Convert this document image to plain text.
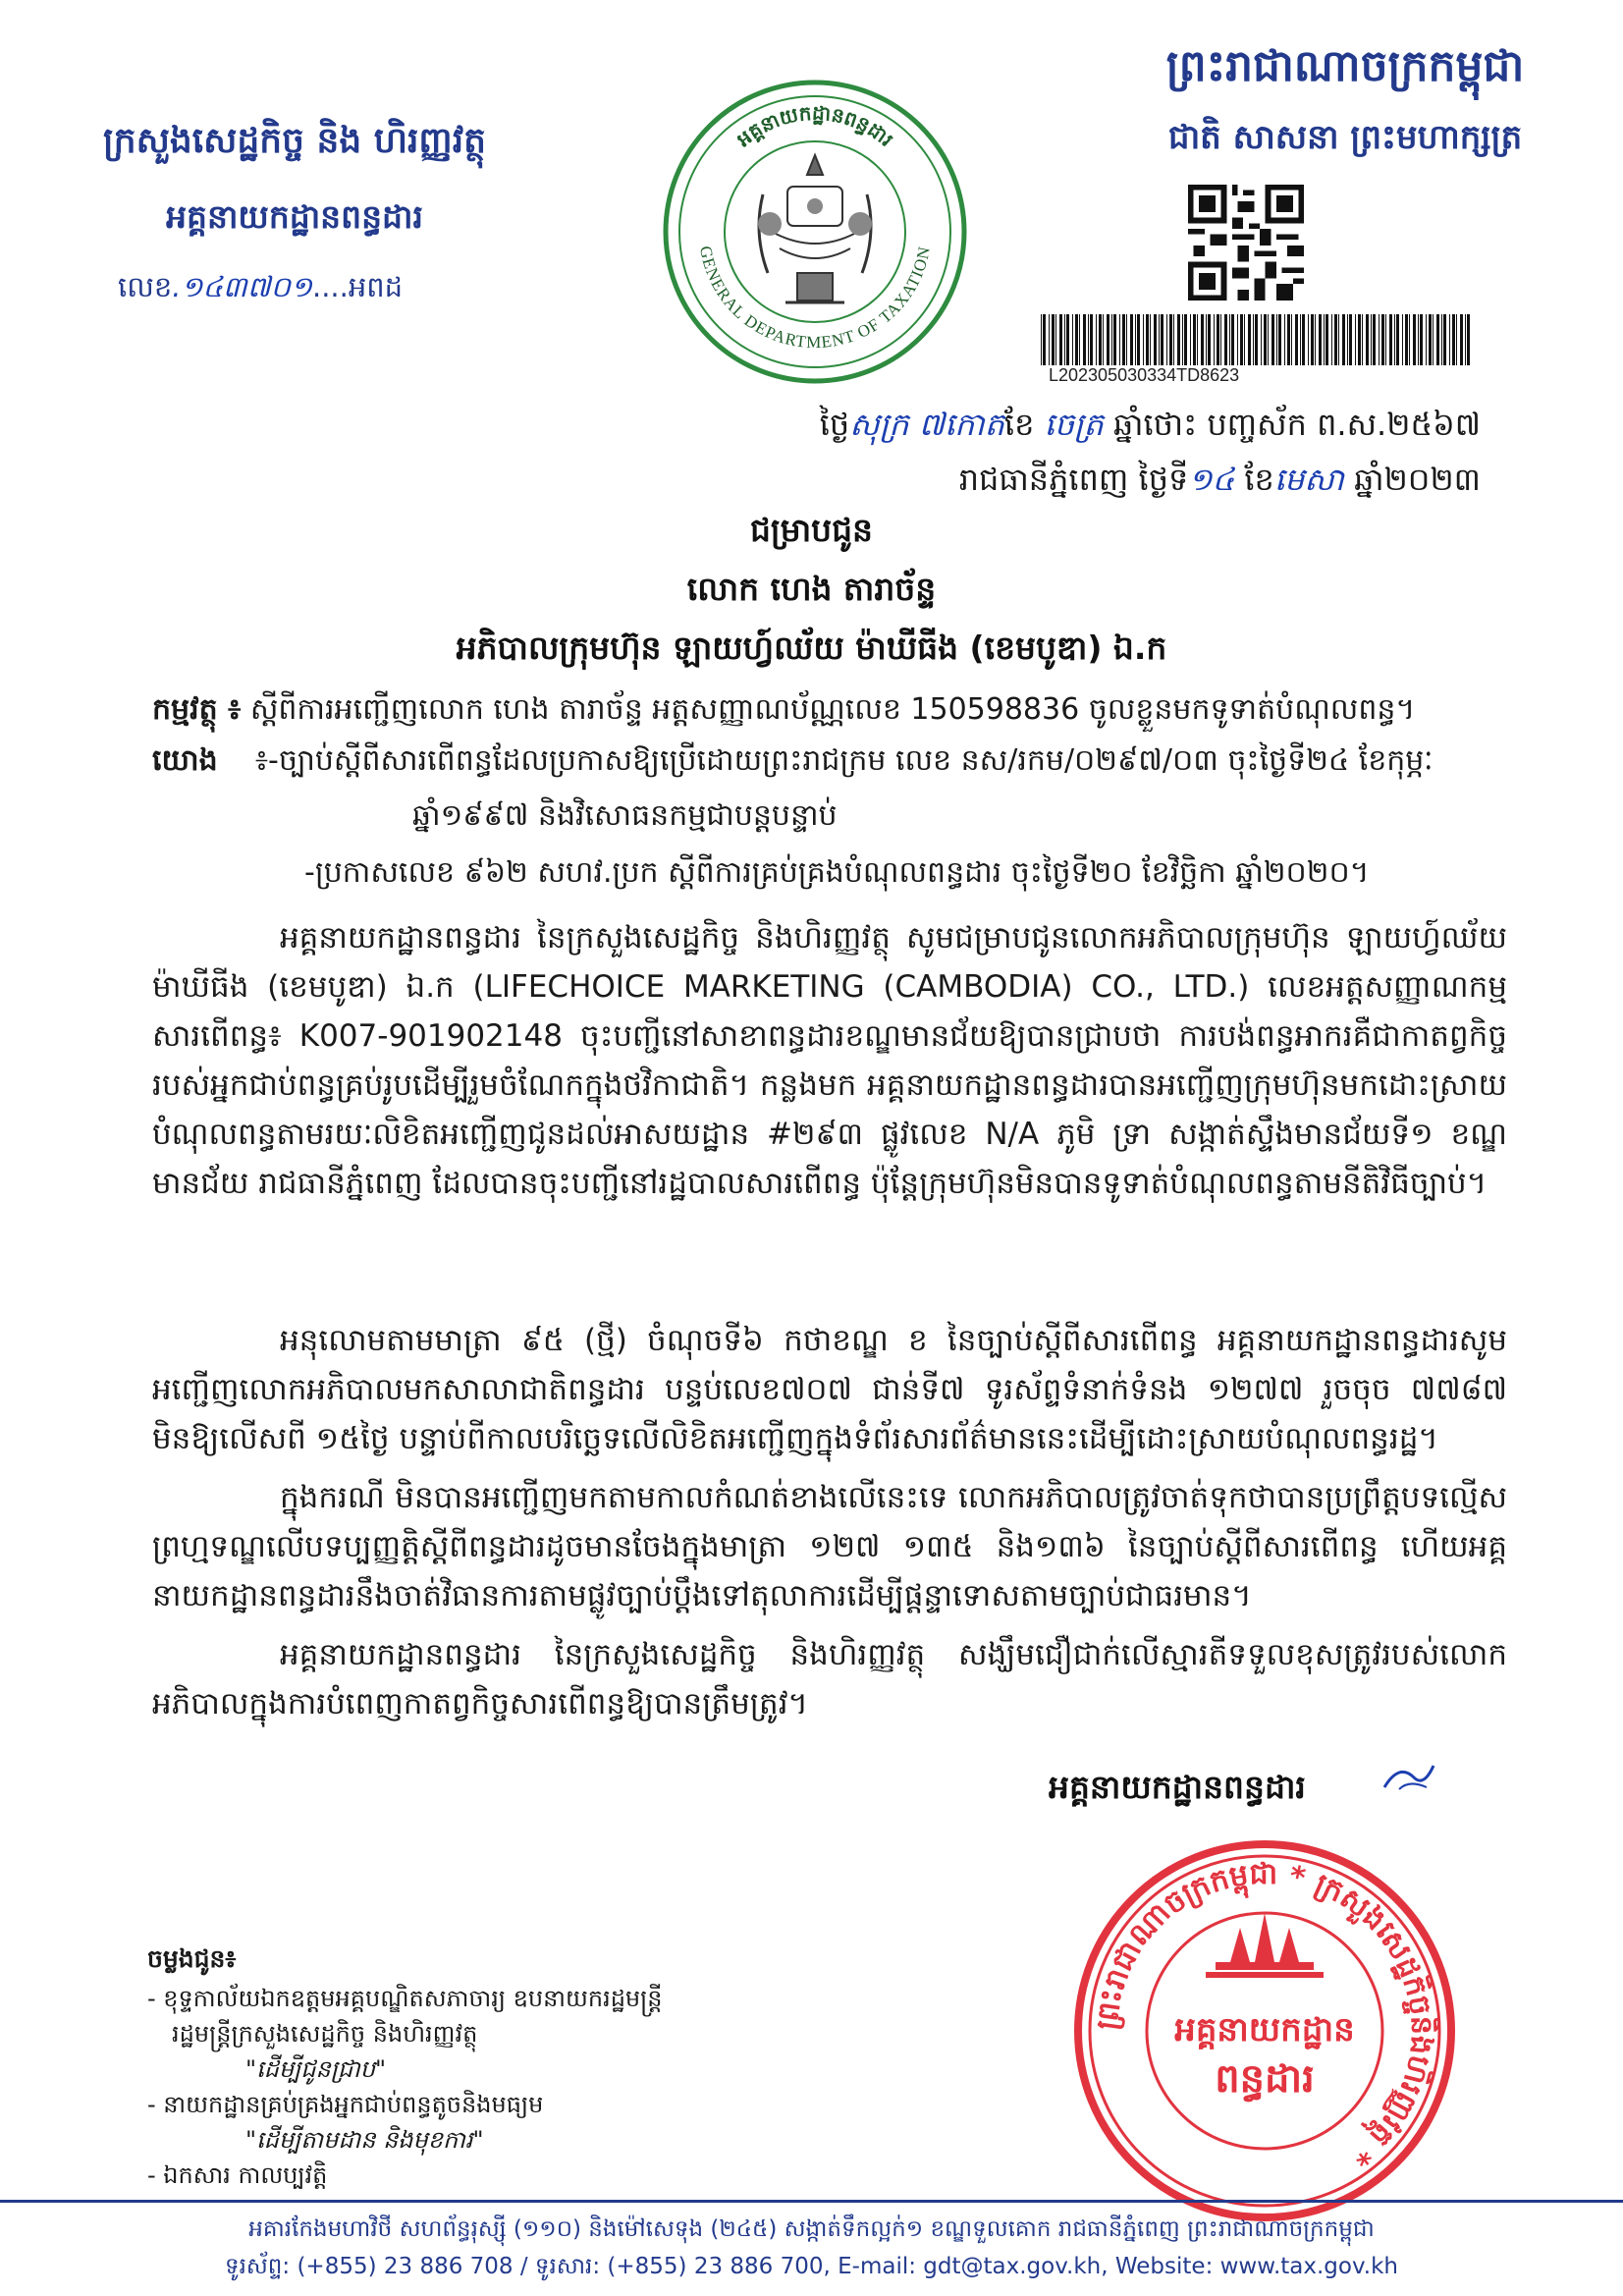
ក្រសួងសេដ្ឋកិច្ច និង ហិរញ្ញវត្ថុ
អគ្គនាយកដ្ឋានពន្ធដារ
លេខ.១៤៣៧០១....អពដ
GENERAL DEPARTMENT OF TAXATION
អគ្គនាយកដ្ឋានពន្ធដារ
ព្រះរាជាណាចក្រកម្ពុជា
ជាតិ សាសនា ព្រះមហាក្សត្រ
L202305030334TD8623
ថ្ងៃសុក្រ ៧កោតខែ ចេត្រ ឆ្នាំថោះ បញ្ចស័ក ព.ស.២៥៦៧
រាជធានីភ្នំពេញ ថ្ងៃទី១៤ ខែមេសា ឆ្នាំ២០២៣
ជម្រាបជូន
លោក ហេង តារាច័ន្ទ
អភិបាលក្រុមហ៊ុន ឡាយហ្វ៍ឈ័យ ម៉ាឃីធីង (ខេមបូឌា) ឯ.ក
កម្មវត្ថុ ៖ ស្តីពីការអញ្ជើញលោក ហេង តារាច័ន្ទ អត្តសញ្ញាណប័ណ្ណលេខ 150598836 ចូលខ្លួនមកទូទាត់បំណុលពន្ធ។
យោង ៖-ច្បាប់ស្តីពីសារពើពន្ធដែលប្រកាសឱ្យប្រើដោយព្រះរាជក្រម លេខ នស/រកម/០២៩៧/០៣ ចុះថ្ងៃទី២៤ ខែកុម្ភៈ
ឆ្នាំ១៩៩៧ និងវិសោធនកម្មជាបន្តបន្ទាប់
-ប្រកាសលេខ ៩៦២ សហវ.ប្រក ស្តីពីការគ្រប់គ្រងបំណុលពន្ធដារ ចុះថ្ងៃទី២០ ខែវិច្ឆិកា ឆ្នាំ២០២០។
អគ្គនាយកដ្ឋានពន្ធដារ នៃក្រសួងសេដ្ឋកិច្ច និងហិរញ្ញវត្ថុ សូមជម្រាបជូនលោកអភិបាលក្រុមហ៊ុន ឡាយហ្វ៍ឈ័យ ម៉ាឃីធីង (ខេមបូឌា) ឯ.ក (LIFECHOICE MARKETING (CAMBODIA) CO., LTD.) លេខអត្តសញ្ញាណកម្មសារពើពន្ធ៖ K007-901902148 ចុះបញ្ជីនៅសាខាពន្ធដារខណ្ឌមានជ័យឱ្យបានជ្រាបថា ការបង់ពន្ធអាករគឺជាកាតព្វកិច្ចរបស់អ្នកជាប់ពន្ធគ្រប់រូបដើម្បីរួមចំណែកក្នុងថវិកាជាតិ។ កន្លងមក អគ្គនាយកដ្ឋានពន្ធដារបានអញ្ជើញក្រុមហ៊ុនមកដោះស្រាយបំណុលពន្ធតាមរយៈលិខិតអញ្ជើញជូនដល់អាសយដ្ឋាន #២៩៣ ផ្លូវលេខ N/A ភូមិ ទ្រា សង្កាត់ស្ទឹងមានជ័យទី១ ខណ្ឌ មានជ័យ រាជធានីភ្នំពេញ ដែលបានចុះបញ្ជីនៅរដ្ឋបាលសារពើពន្ធ ប៉ុន្តែក្រុមហ៊ុនមិនបានទូទាត់បំណុលពន្ធតាមនីតិវិធីច្បាប់។
អនុលោមតាមមាត្រា ៩៥ (ថ្មី) ចំណុចទី៦ កថាខណ្ឌ ខ នៃច្បាប់ស្តីពីសារពើពន្ធ អគ្គនាយកដ្ឋានពន្ធដារសូមអញ្ជើញលោកអភិបាលមកសាលាជាតិពន្ធដារ បន្ទប់លេខ៧០៧ ជាន់ទី៧ ទូរស័ព្ទទំនាក់ទំនង ១២៧៧ រួចចុច ៧៧៨៧ មិនឱ្យលើសពី ១៥ថ្ងៃ បន្ទាប់ពីកាលបរិច្ឆេទលើលិខិតអញ្ជើញក្នុងទំព័រសារព័ត៌មាននេះដើម្បីដោះស្រាយបំណុលពន្ធរដ្ឋ។
ក្នុងករណី មិនបានអញ្ជើញមកតាមកាលកំណត់ខាងលើនេះទេ លោកអភិបាលត្រូវចាត់ទុកថាបានប្រព្រឹត្តបទល្មើសព្រហ្មទណ្ឌលើបទប្បញ្ញត្តិស្តីពីពន្ធដារដូចមានចែងក្នុងមាត្រា ១២៧ ១៣៥ និង១៣៦ នៃច្បាប់ស្តីពីសារពើពន្ធ ហើយអគ្គនាយកដ្ឋានពន្ធដារនឹងចាត់វិធានការតាមផ្លូវច្បាប់ប្តឹងទៅតុលាការដើម្បីផ្តន្ទាទោសតាមច្បាប់ជាធរមាន។
អគ្គនាយកដ្ឋានពន្ធដារ នៃក្រសួងសេដ្ឋកិច្ច និងហិរញ្ញវត្ថុ សង្ឃឹមជឿជាក់លើស្មារតីទទួលខុសត្រូវរបស់លោកអភិបាលក្នុងការបំពេញកាតព្វកិច្ចសារពើពន្ធឱ្យបានត្រឹមត្រូវ។
អគ្គនាយកដ្ឋានពន្ធដារ
ព្រះរាជាណាចក្រកម្ពុជា * ក្រសួងសេដ្ឋកិច្ចនិងហិរញ្ញវត្ថុ *
អគ្គនាយកដ្ឋាន
ពន្ធដារ
ចម្លងជូន៖
- ខុទ្ទកាល័យឯកឧត្តមអគ្គបណ្ឌិតសភាចារ្យ ឧបនាយករដ្ឋមន្ត្រី
រដ្ឋមន្ត្រីក្រសួងសេដ្ឋកិច្ច និងហិរញ្ញវត្ថុ
"ដើម្បីជូនជ្រាប"
- នាយកដ្ឋានគ្រប់គ្រងអ្នកជាប់ពន្ធតូចនិងមធ្យម
"ដើម្បីតាមដាន និងមុខការ"
- ឯកសារ កាលប្បវត្តិ
អគារកែងមហាវិថី សហព័ន្ធរុស្ស៊ី (១១០) និងម៉ៅសេទុង (២៤៥) សង្កាត់ទឹកល្អក់១ ខណ្ឌទួលគោក រាជធានីភ្នំពេញ ព្រះរាជាណាចក្រកម្ពុជា
ទូរស័ព្ទ: (+855) 23 886 708 / ទូរសារ: (+855) 23 886 700, E-mail: gdt@tax.gov.kh, Website: www.tax.gov.kh
